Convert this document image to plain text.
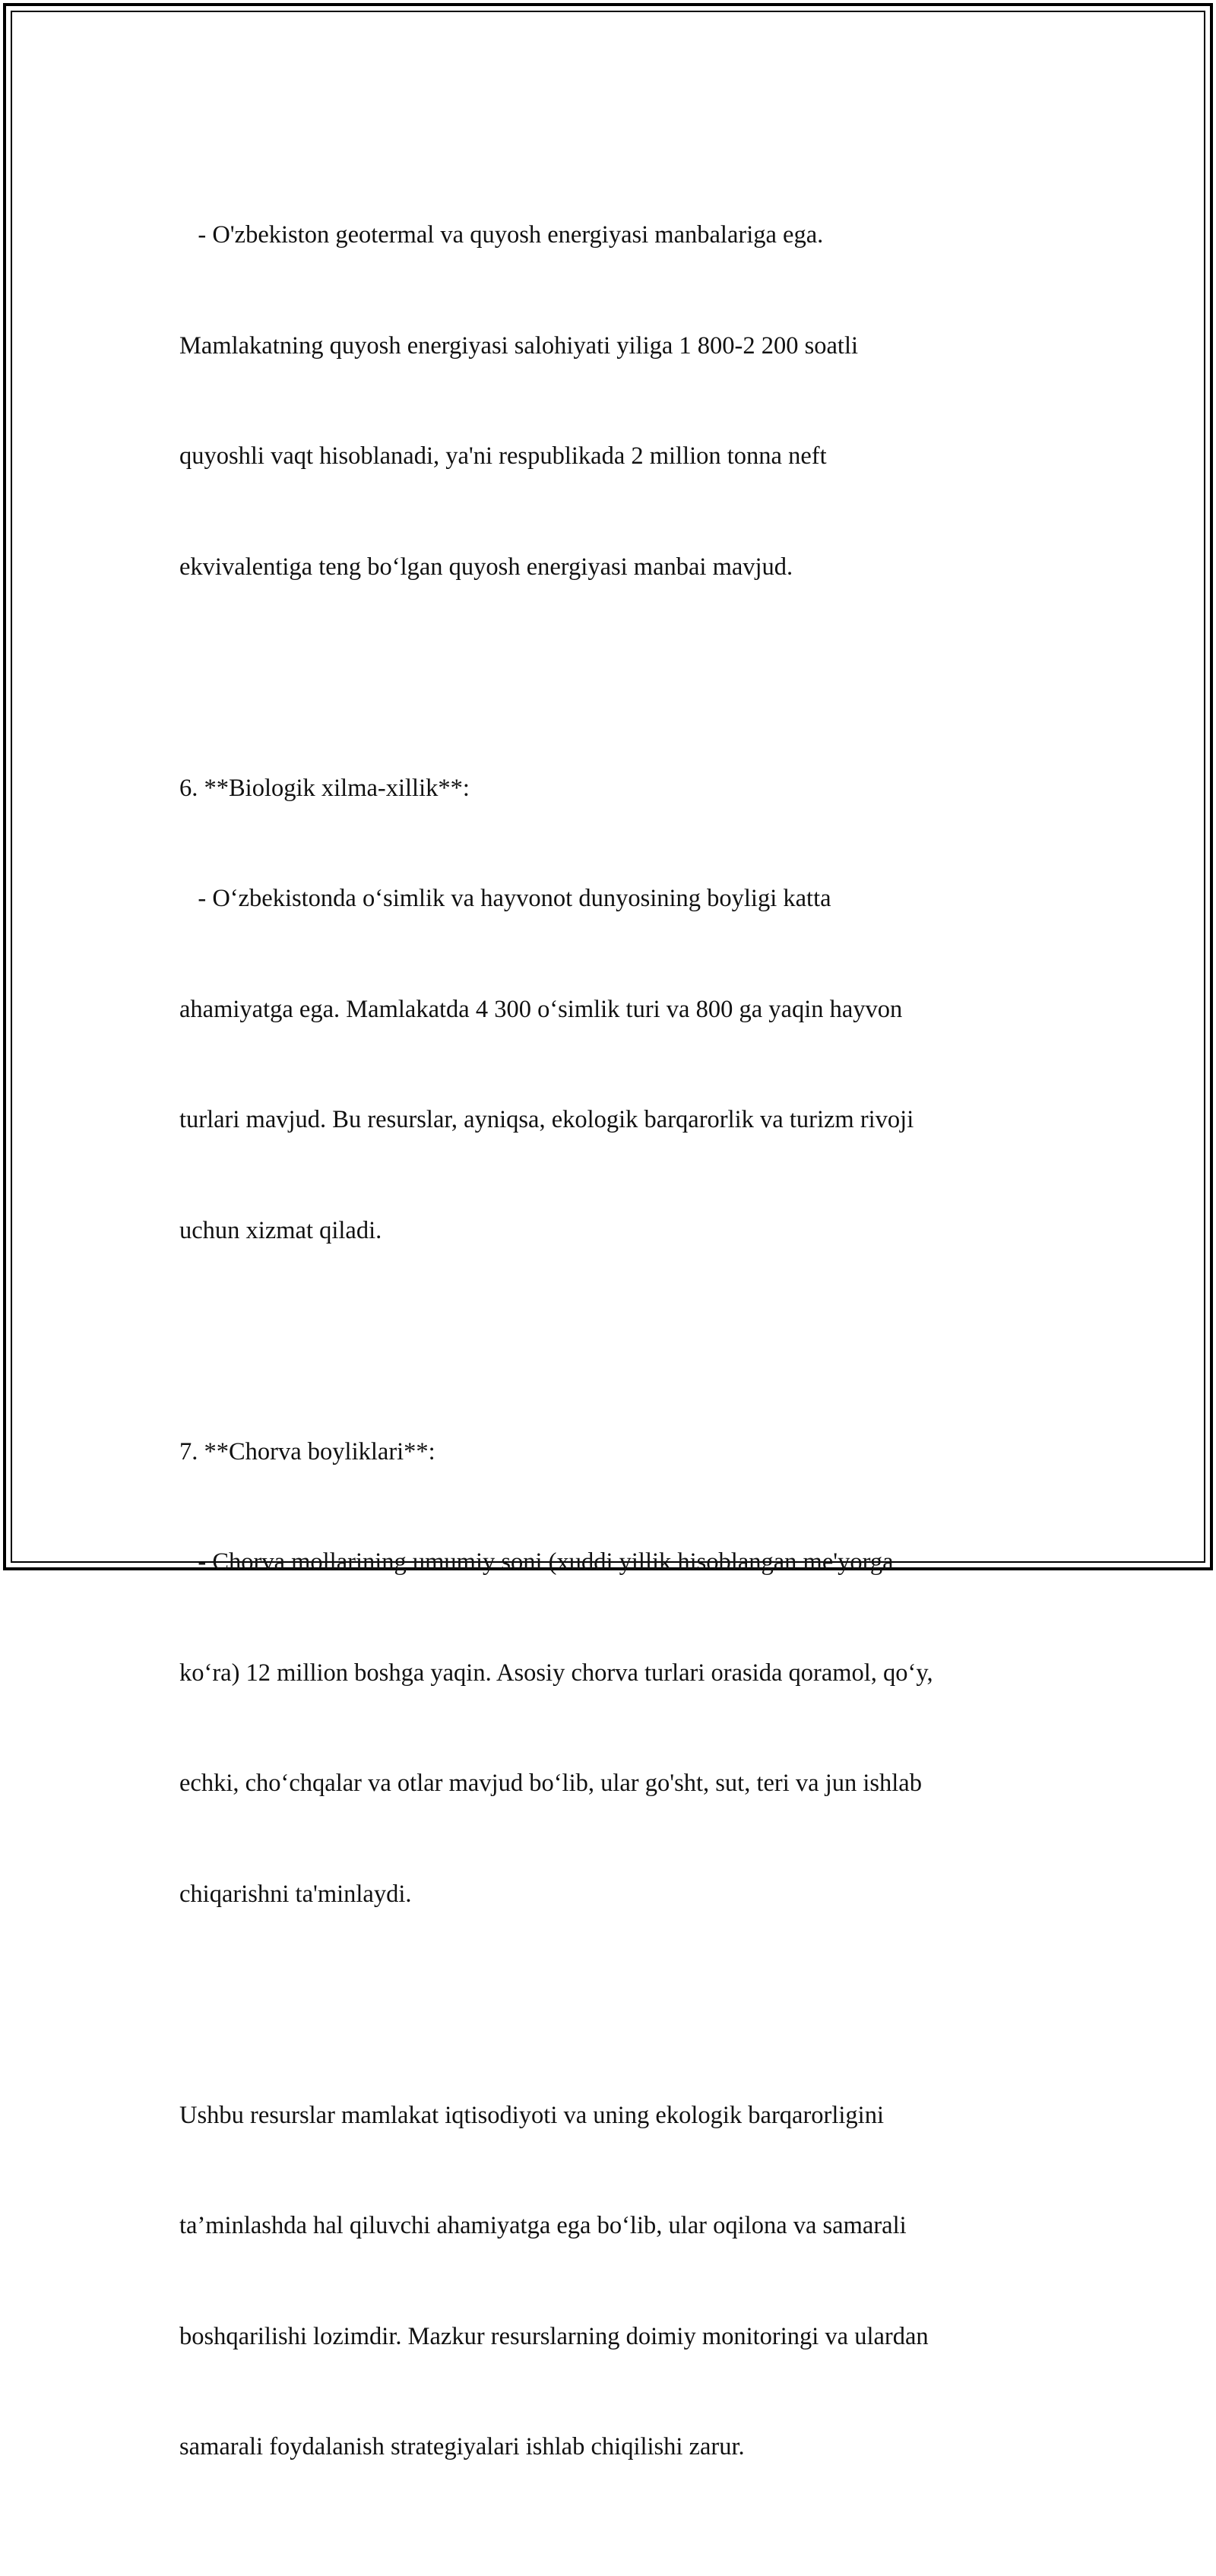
- O'zbekiston geotermal va quyosh energiyasi manbalariga ega.

Mamlakatning quyosh energiyasi salohiyati yiliga 1 800-2 200 soatli

quyoshli vaqt hisoblanadi, ya'ni respublikada 2 million tonna neft

ekvivalentiga teng bo‘lgan quyosh energiyasi manbai mavjud.

6. **Biologik xilma-xillik**:

- O‘zbekistonda o‘simlik va hayvonot dunyosining boyligi katta

ahamiyatga ega. Mamlakatda 4 300 o‘simlik turi va 800 ga yaqin hayvon

turlari mavjud. Bu resurslar, ayniqsa, ekologik barqarorlik va turizm rivoji

uchun xizmat qiladi.

7. **Chorva boyliklari**:

- Chorva mollarining umumiy soni (xuddi yillik hisoblangan me'yorga

ko‘ra) 12 million boshga yaqin. Asosiy chorva turlari orasida qoramol, qo‘y,

echki, cho‘chqalar va otlar mavjud bo‘lib, ular go'sht, sut, teri va jun ishlab

chiqarishni ta'minlaydi.

Ushbu resurslar mamlakat iqtisodiyoti va uning ekologik barqarorligini

ta’minlashda hal qiluvchi ahamiyatga ega bo‘lib, ular oqilona va samarali

boshqarilishi lozimdir. Mazkur resurslarning doimiy monitoringi va ulardan

samarali foydalanish strategiyalari ishlab chiqilishi zarur.
